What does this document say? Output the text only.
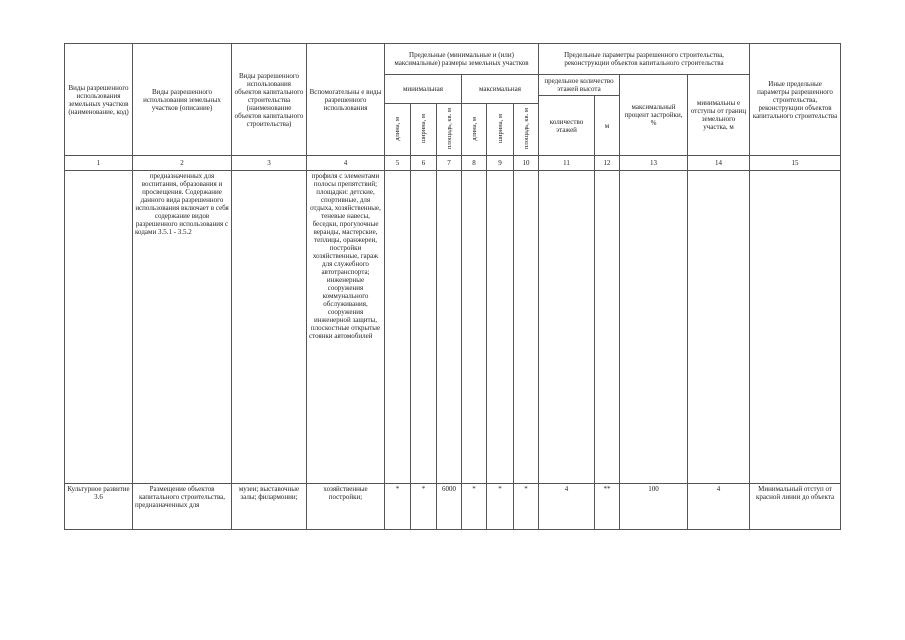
Виды разрешенного использования земельных участков (наименование, код)	Виды разрешенного использования земельных участков (описание)	Виды разрешенного использования объектов капитального строительства (наименование объектов капитального строительства)	Вспомогательны е виды разрешенного использования	Предельные (минимальные и (или) максимальные) размеры земельных участков						Предельные параметры разрешенного строительства, реконструкции объектов капитального строительства				Иные предельные параметры разрешенного строительства, реконструкции объектов капитального строительства
				минимальная			максимальная			предельное количество этажей высота		максимальный процент застройки, %	минимальны е отступы от границ земельного участка, м	
										количество этажей	м			
				длина, м	ширина, м	площадь, кв. м	длина, м	ширина, м	площадь, кв. м					
1	2	3	4	5	6	7	8	9	10	11	12	13	14	15
	предназначенных для воспитания, образования и просвещения. Содержание данного вида разрешенного использования включает в себя содержание видов разрешенного использования с кодами 3.5.1 - 3.5.2		профиля с элементами полосы препятствий; площадки: детские, спортивные, для отдыха, хозяйственные, теневые навесы, беседки, прогулочные веранды, мастерские, теплицы, оранжереи, постройки хозяйственные, гараж для служебного автотранспорта; инженерные сооружения коммунального обслуживания, сооружения инженерной защиты, плоскостные открытые стоянки автомобилей											
Культурное развитие 3.6	Размещение объектов капитального строительства, предназначенных для	музеи; выставочные залы; филармонии;	хозяйственные постройки;	*	*	6000	*	*	*	4	**	100	4	Минимальный отступ от красной линии до объекта
